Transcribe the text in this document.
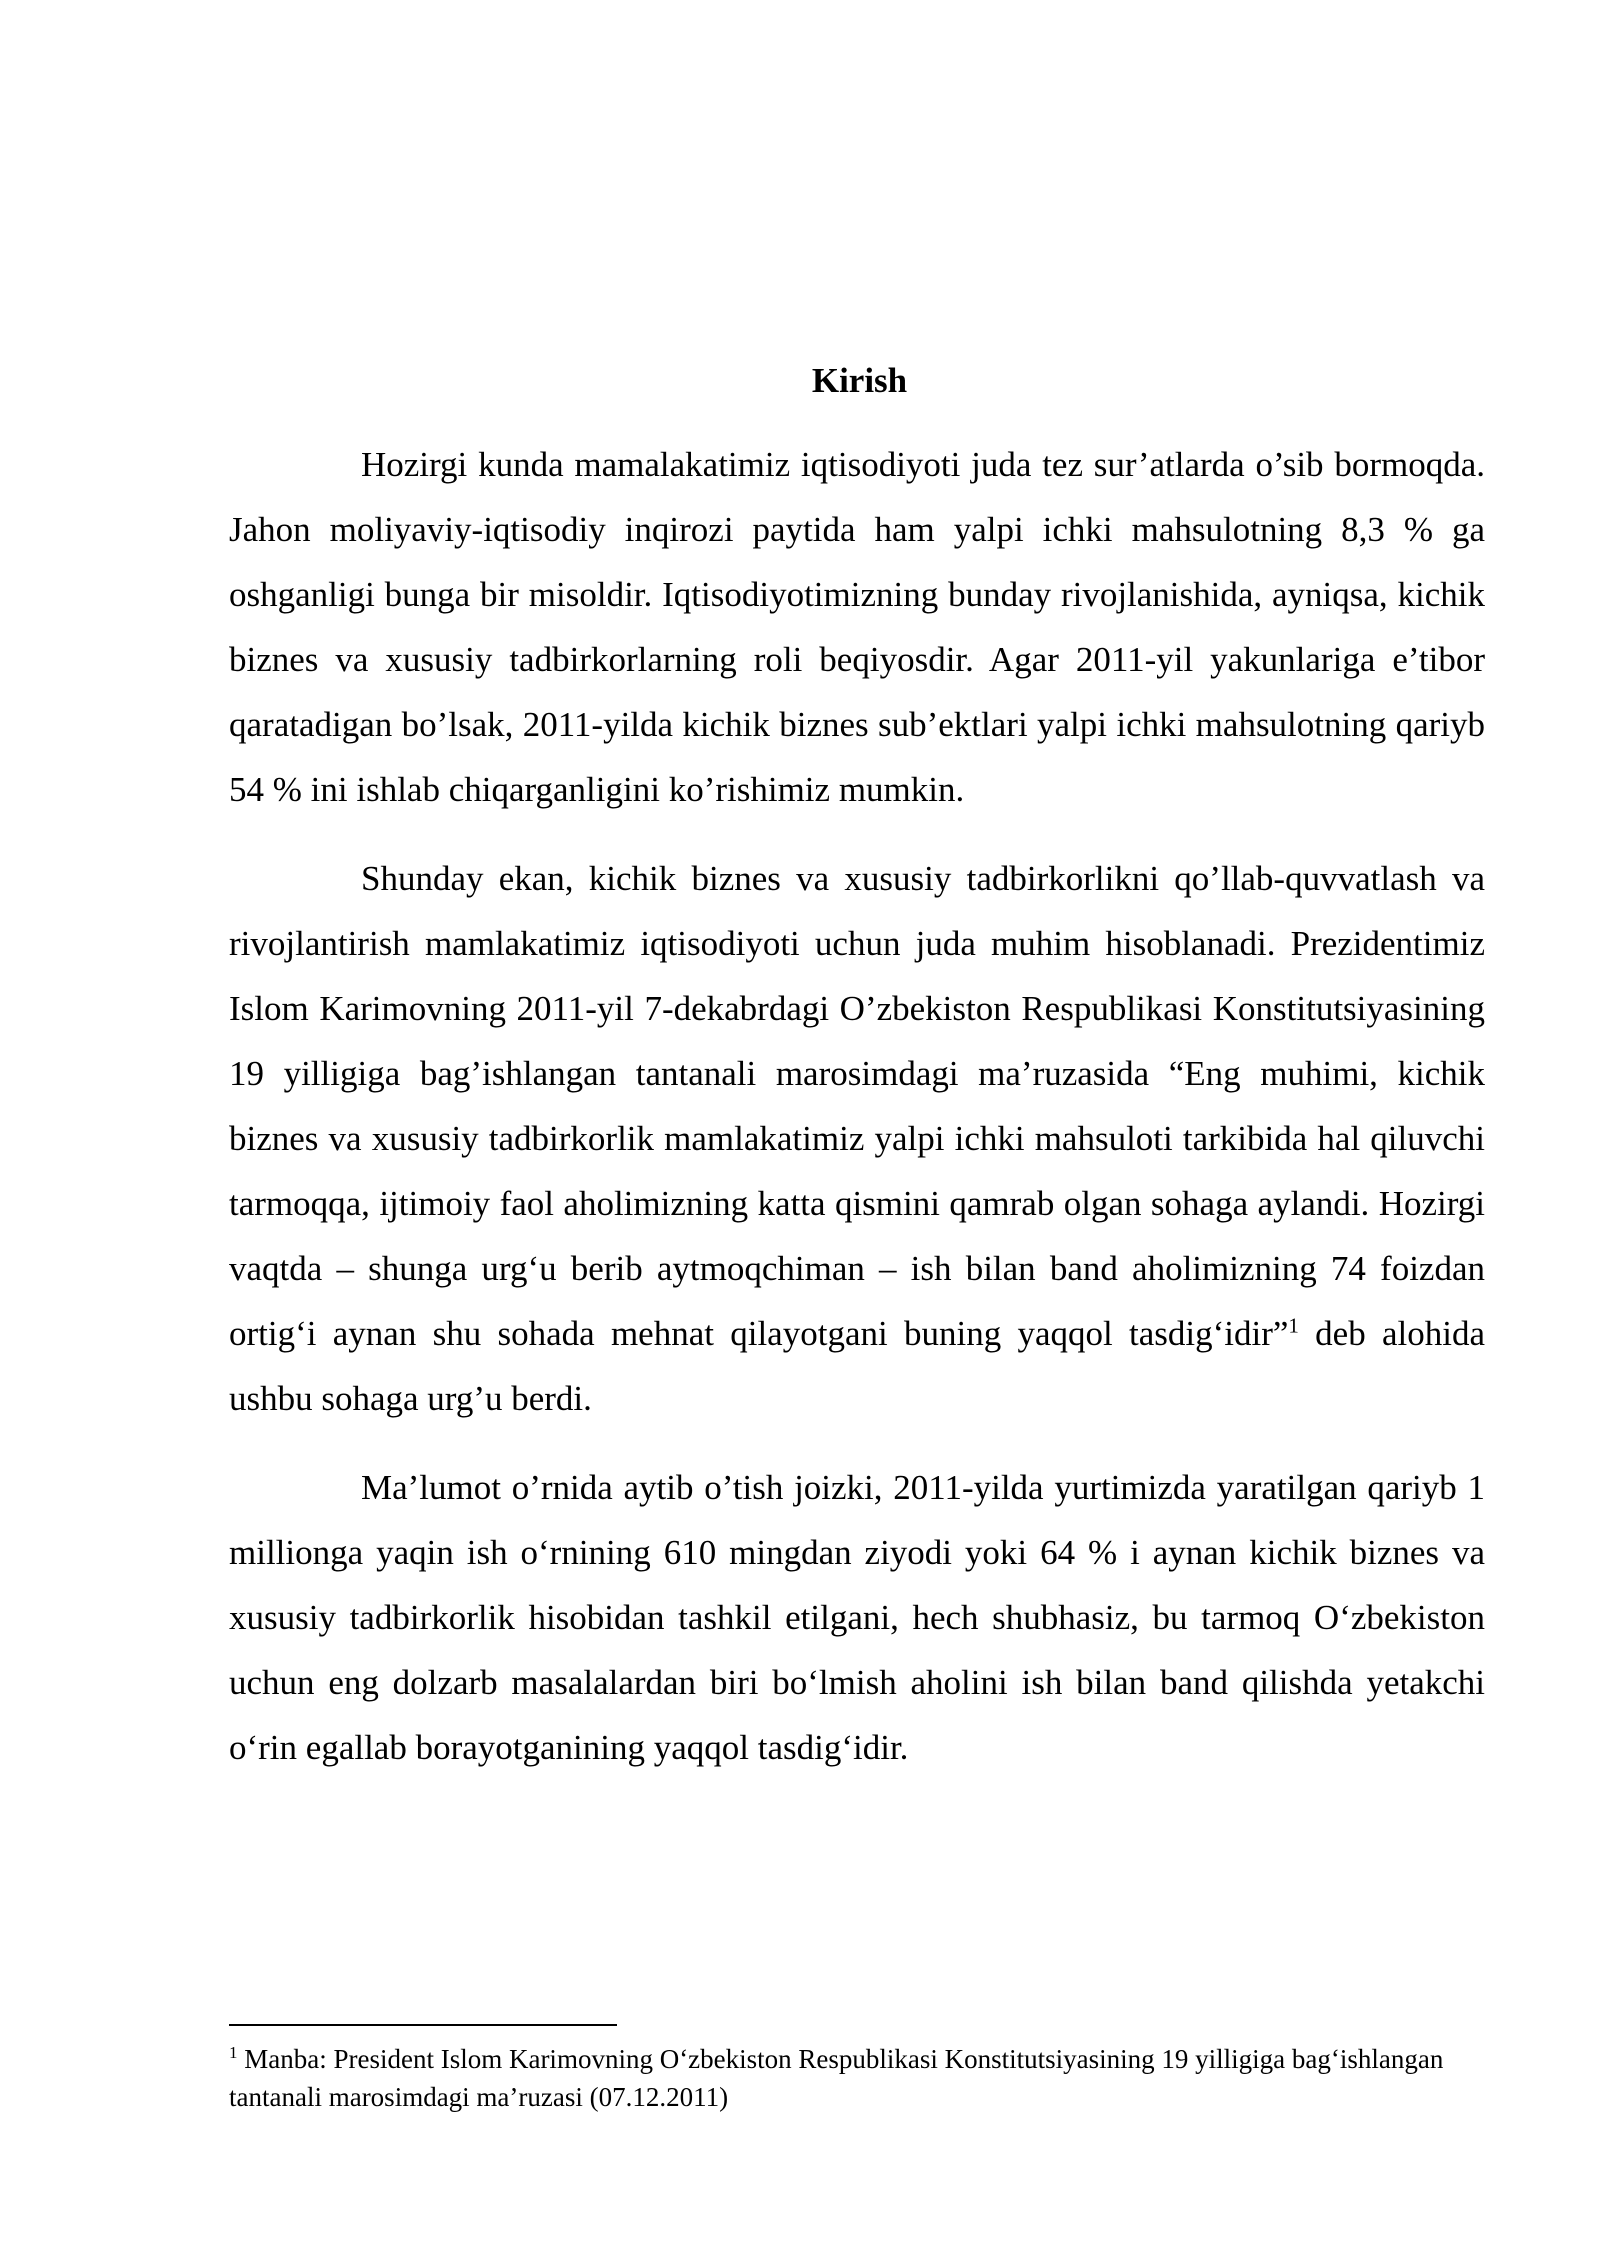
Kirish

Hozirgi kunda mamalakatimiz iqtisodiyoti juda tez sur’atlarda o’sib bormoqda. Jahon moliyaviy-iqtisodiy inqirozi paytida ham yalpi ichki mahsulotning 8,3 % ga oshganligi bunga bir misoldir. Iqtisodiyotimizning bunday rivojlanishida, ayniqsa, kichik biznes va xususiy tadbirkorlarning roli beqiyosdir. Agar 2011-yil yakunlariga e’tibor qaratadigan bo’lsak, 2011-yilda kichik biznes sub’ektlari yalpi ichki mahsulotning qariyb 54 % ini ishlab chiqarganligini ko’rishimiz mumkin.

Shunday ekan, kichik biznes va xususiy tadbirkorlikni qo’llab-quvvatlash va rivojlantirish mamlakatimiz iqtisodiyoti uchun juda muhim hisoblanadi. Prezidentimiz Islom Karimovning 2011-yil 7-dekabrdagi O’zbekiston Respublikasi Konstitutsiyasining 19 yilligiga bag’ishlangan tantanali marosimdagi ma’ruzasida “Eng muhimi, kichik biznes va xususiy tadbirkorlik mamlakatimiz yalpi ichki mahsuloti tarkibida hal qiluvchi tarmoqqa, ijtimoiy faol aholimizning katta qismini qamrab olgan sohaga aylandi. Hozirgi vaqtda – shunga urg‘u berib aytmoqchiman – ish bilan band aholimizning 74 foizdan ortig‘i aynan shu sohada mehnat qilayotgani buning yaqqol tasdig‘idir”$^1$ deb alohida ushbu sohaga urg’u berdi.

Ma’lumot o’rnida aytib o’tish joizki, 2011-yilda yurtimizda yaratilgan qariyb 1 millionga yaqin ish o‘rnining 610 mingdan ziyodi yoki 64 % i aynan kichik biznes va xususiy tadbirkorlik hisobidan tashkil etilgani, hech shubhasiz, bu tarmoq O‘zbekiston uchun eng dolzarb masalalardan biri bo‘lmish aholini ish bilan band qilishda yetakchi o‘rin egallab borayotganining yaqqol tasdig‘idir.

$^1$ Manba: President Islom Karimovning O‘zbekiston Respublikasi Konstitutsiyasining 19 yilligiga bag‘ishlangan tantanali marosimdagi ma’ruzasi (07.12.2011)
